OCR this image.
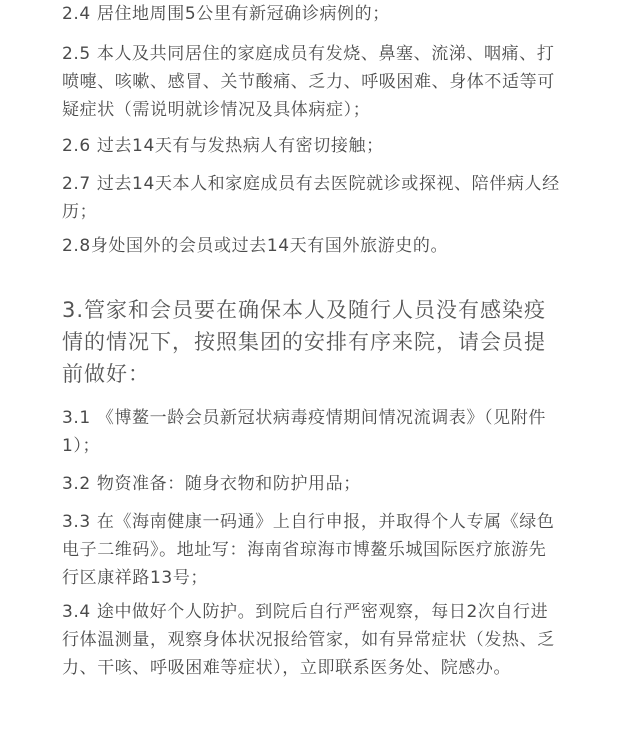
2.4 居住地周围5公里有新冠确诊病例的；

2.5 本人及共同居住的家庭成员有发烧、鼻塞、流涕、咽痛、打喷嚏、咳嗽、感冒、关节酸痛、乏力、呼吸困难、身体不适等可疑症状（需说明就诊情况及具体病症）；

2.6 过去14天有与发热病人有密切接触；

2.7 过去14天本人和家庭成员有去医院就诊或探视、陪伴病人经历；

2.8身处国外的会员或过去14天有国外旅游史的。

3.管家和会员要在确保本人及随行人员没有感染疫情的情况下，按照集团的安排有序来院，请会员提前做好：

3.1 《博鳌一龄会员新冠状病毒疫情期间情况流调表》（见附件1）；

3.2 物资准备：随身衣物和防护用品；

3.3 在《海南健康一码通》上自行申报，并取得个人专属《绿色电子二维码》。地址写：海南省琼海市博鳌乐城国际医疗旅游先行区康祥路13号；

3.4 途中做好个人防护。到院后自行严密观察，每日2次自行进行体温测量，观察身体状况报给管家，如有异常症状（发热、乏力、干咳、呼吸困难等症状），立即联系医务处、院感办。
